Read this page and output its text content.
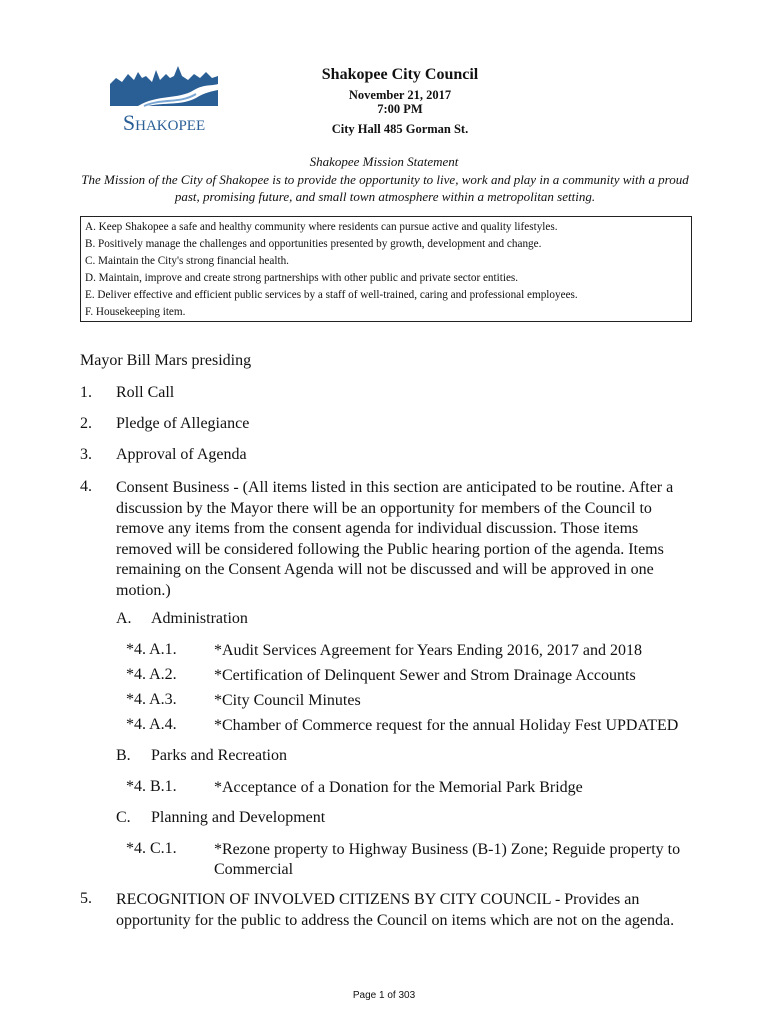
Shakopee
Shakopee City Council
November 21, 2017
7:00 PM
City Hall 485 Gorman St.
Shakopee Mission Statement
The Mission of the City of Shakopee is to provide the opportunity to live, work and play in a community with a proud past, promising future, and small town atmosphere within a metropolitan setting.
A. Keep Shakopee a safe and healthy community where residents can pursue active and quality lifestyles.
B. Positively manage the challenges and opportunities presented by growth, development and change.
C. Maintain the City's strong financial health.
D. Maintain, improve and create strong partnerships with other public and private sector entities.
E. Deliver effective and efficient public services by a staff of well-trained, caring and professional employees.
F. Housekeeping item.
Mayor Bill Mars presiding
1. Roll Call
2. Pledge of Allegiance
3. Approval of Agenda
4. Consent Business - (All items listed in this section are anticipated to be routine. After a discussion by the Mayor there will be an opportunity for members of the Council to remove any items from the consent agenda for individual discussion. Those items removed will be considered following the Public hearing portion of the agenda. Items remaining on the Consent Agenda will not be discussed and will be approved in one motion.)
A. Administration
*4. A.1. *Audit Services Agreement for Years Ending 2016, 2017 and 2018
*4. A.2. *Certification of Delinquent Sewer and Strom Drainage Accounts
*4. A.3. *City Council Minutes
*4. A.4. *Chamber of Commerce request for the annual Holiday Fest UPDATED
B. Parks and Recreation
*4. B.1. *Acceptance of a Donation for the Memorial Park Bridge
C. Planning and Development
*4. C.1. *Rezone property to Highway Business (B-1) Zone; Reguide property to Commercial
5. RECOGNITION OF INVOLVED CITIZENS BY CITY COUNCIL - Provides an opportunity for the public to address the Council on items which are not on the agenda.
Page 1 of 303
